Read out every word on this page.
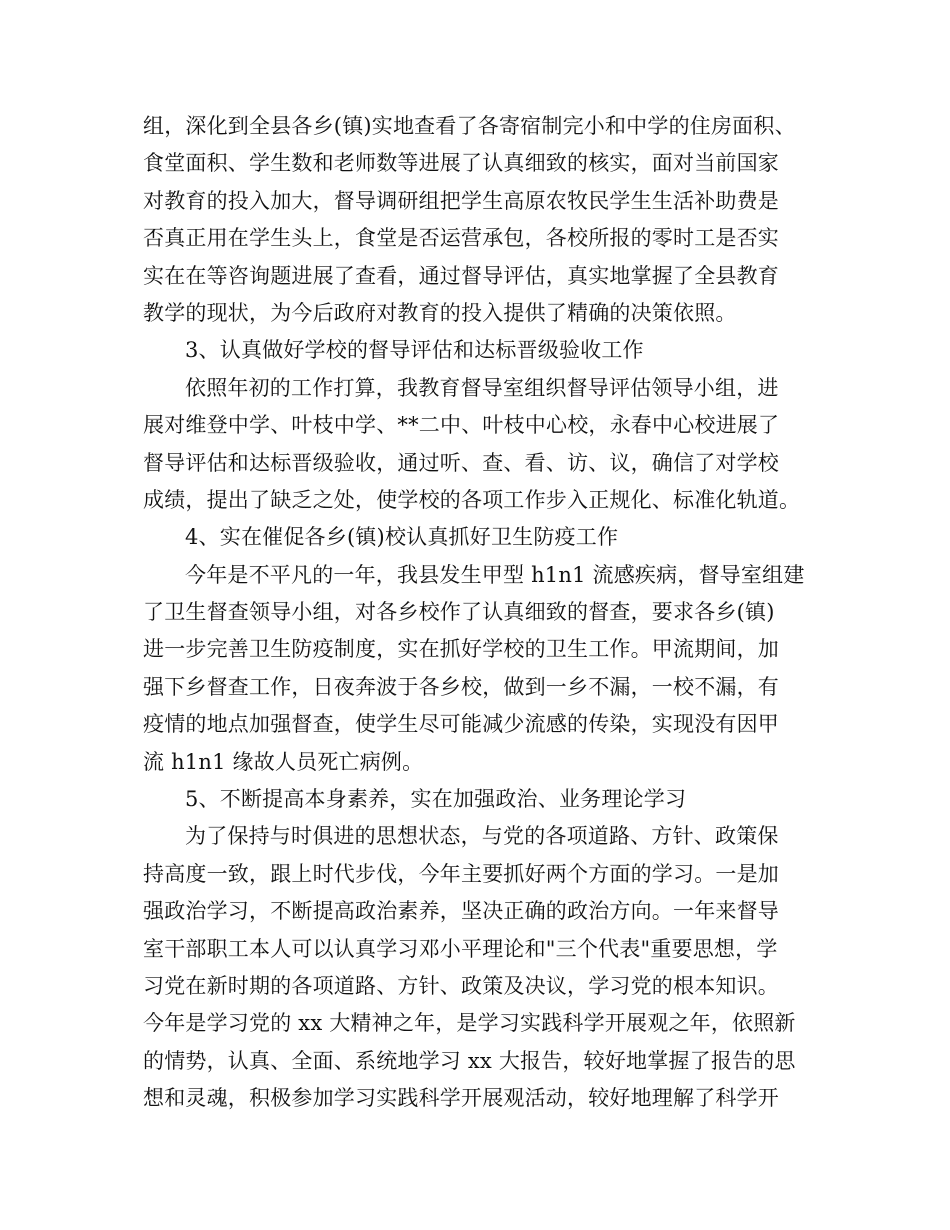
组，深化到全县各乡(镇)实地查看了各寄宿制完小和中学的住房面积、
食堂面积、学生数和老师数等进展了认真细致的核实，面对当前国家
对教育的投入加大，督导调研组把学生高原农牧民学生生活补助费是
否真正用在学生头上，食堂是否运营承包，各校所报的零时工是否实
实在在等咨询题进展了查看，通过督导评估，真实地掌握了全县教育
教学的现状，为今后政府对教育的投入提供了精确的决策依照。
3、认真做好学校的督导评估和达标晋级验收工作
依照年初的工作打算，我教育督导室组织督导评估领导小组，进
展对维登中学、叶枝中学、**二中、叶枝中心校，永春中心校进展了
督导评估和达标晋级验收，通过听、查、看、访、议，确信了对学校
成绩，提出了缺乏之处，使学校的各项工作步入正规化、标准化轨道。
4、实在催促各乡(镇)校认真抓好卫生防疫工作
今年是不平凡的一年，我县发生甲型 h1n1 流感疾病，督导室组建
了卫生督查领导小组，对各乡校作了认真细致的督查，要求各乡(镇)
进一步完善卫生防疫制度，实在抓好学校的卫生工作。甲流期间，加
强下乡督查工作，日夜奔波于各乡校，做到一乡不漏，一校不漏，有
疫情的地点加强督查，使学生尽可能减少流感的传染，实现没有因甲
流 h1n1 缘故人员死亡病例。
5、不断提高本身素养，实在加强政治、业务理论学习
为了保持与时俱进的思想状态，与党的各项道路、方针、政策保
持高度一致，跟上时代步伐，今年主要抓好两个方面的学习。一是加
强政治学习，不断提高政治素养，坚决正确的政治方向。一年来督导
室干部职工本人可以认真学习邓小平理论和"三个代表"重要思想，学
习党在新时期的各项道路、方针、政策及决议，学习党的根本知识。
今年是学习党的 xx 大精神之年，是学习实践科学开展观之年，依照新
的情势，认真、全面、系统地学习 xx 大报告，较好地掌握了报告的思
想和灵魂，积极参加学习实践科学开展观活动，较好地理解了科学开
